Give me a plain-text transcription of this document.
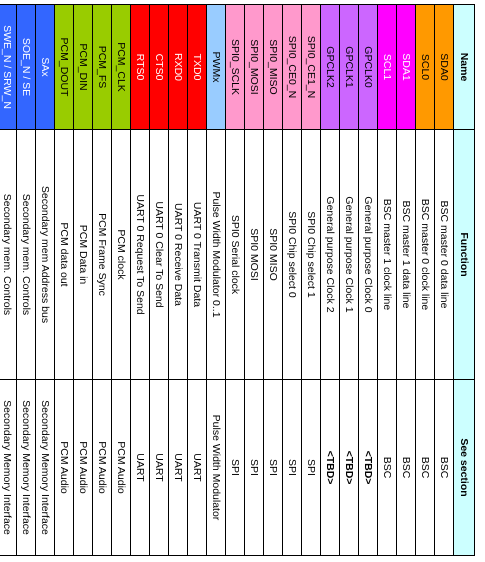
Name	Function	See section
SDA0	BSC master 0 data line	BSC
SCL0	BSC master 0 clock line	BSC
SDA1	BSC master 1 data line	BSC
SCL1	BSC master 1 clock line	BSC
GPCLK0	General purpose Clock 0	<TBD>
GPCLK1	General purpose Clock 1	<TBD>
GPCLK2	General purpose Clock 2	<TBD>
SPI0_CE1_N	SPI0 Chip select 1	SPI
SPI0_CE0_N	SPI0 Chip select 0	SPI
SPI0_MISO	SPI0 MISO	SPI
SPI0_MOSI	SPI0 MOSI	SPI
SPI0_SCLK	SPI0 Serial clock	SPI
PWMx	Pulse Width Modulator 0..1	Pulse Width Modulator
TXD0	UART 0 Transmit Data	UART
RXD0	UART 0 Receive Data	UART
CTS0	UART 0 Clear To Send	UART
RTS0	UART 0 Request To Send	UART
PCM_CLK	PCM clock	PCM Audio
PCM_FS	PCM Frame Sync	PCM Audio
PCM_DIN	PCM Data in	PCM Audio
PCM_DOUT	PCM data out	PCM Audio
SAx	Secondary mem Address bus	Secondary Memory Interface
SOE_N / SE	Secondary mem. Controls	Secondary Memory Interface
SWE_N / SRW_N	Secondary mem. Controls	Secondary Memory Interface
